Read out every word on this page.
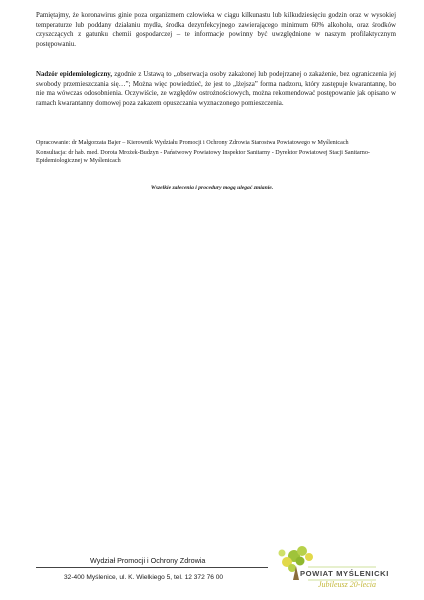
Pamiętajmy, że koronawirus ginie poza organizmem człowieka w ciągu kilkunastu lub kilkudziesięciu godzin oraz w wysokiej temperaturze lub poddany działaniu mydła, środka dezynfekcyjnego zawierającego minimum 60% alkoholu, oraz środków czyszczących z gatunku chemii gospodarczej – te informacje powinny być uwzględnione w naszym profilaktycznym postępowaniu.

Nadzór epidemiologiczny, zgodnie z Ustawą to „obserwacja osoby zakażonej lub podejrzanej o zakażenie, bez ograniczenia jej swobody przemieszczania się…”; Można więc powiedzieć, że jest to „lżejsza” forma nadzoru, który zastępuje kwarantannę, bo nie ma wówczas odosobnienia. Oczywiście, ze względów ostrożnościowych, można rekomendować postępowanie jak opisano w ramach kwarantanny domowej poza zakazem opuszczania wyznaczonego pomieszczenia.

Opracowanie: dr Małgorzata Bajer – Kierownik Wydziału Promocji i Ochrony Zdrowia Starostwa Powiatowego w Myślenicach

Konsultacja: dr hab. med. Dorota Mrożek-Budzyn - Państwowy Powiatowy Inspektor Sanitarny - Dyrektor Powiatowej Stacji Sanitarno-Epidemiologicznej w Myślenicach

Wszelkie zalecenia i procedury mogą ulegać zmianie.

Wydział Promocji i Ochrony Zdrowia
32-400 Myślenice, ul. K. Wielkiego 5, tel. 12 372 76 00	POWIAT MYŚLENICKI
Jubileusz 20-lecia
